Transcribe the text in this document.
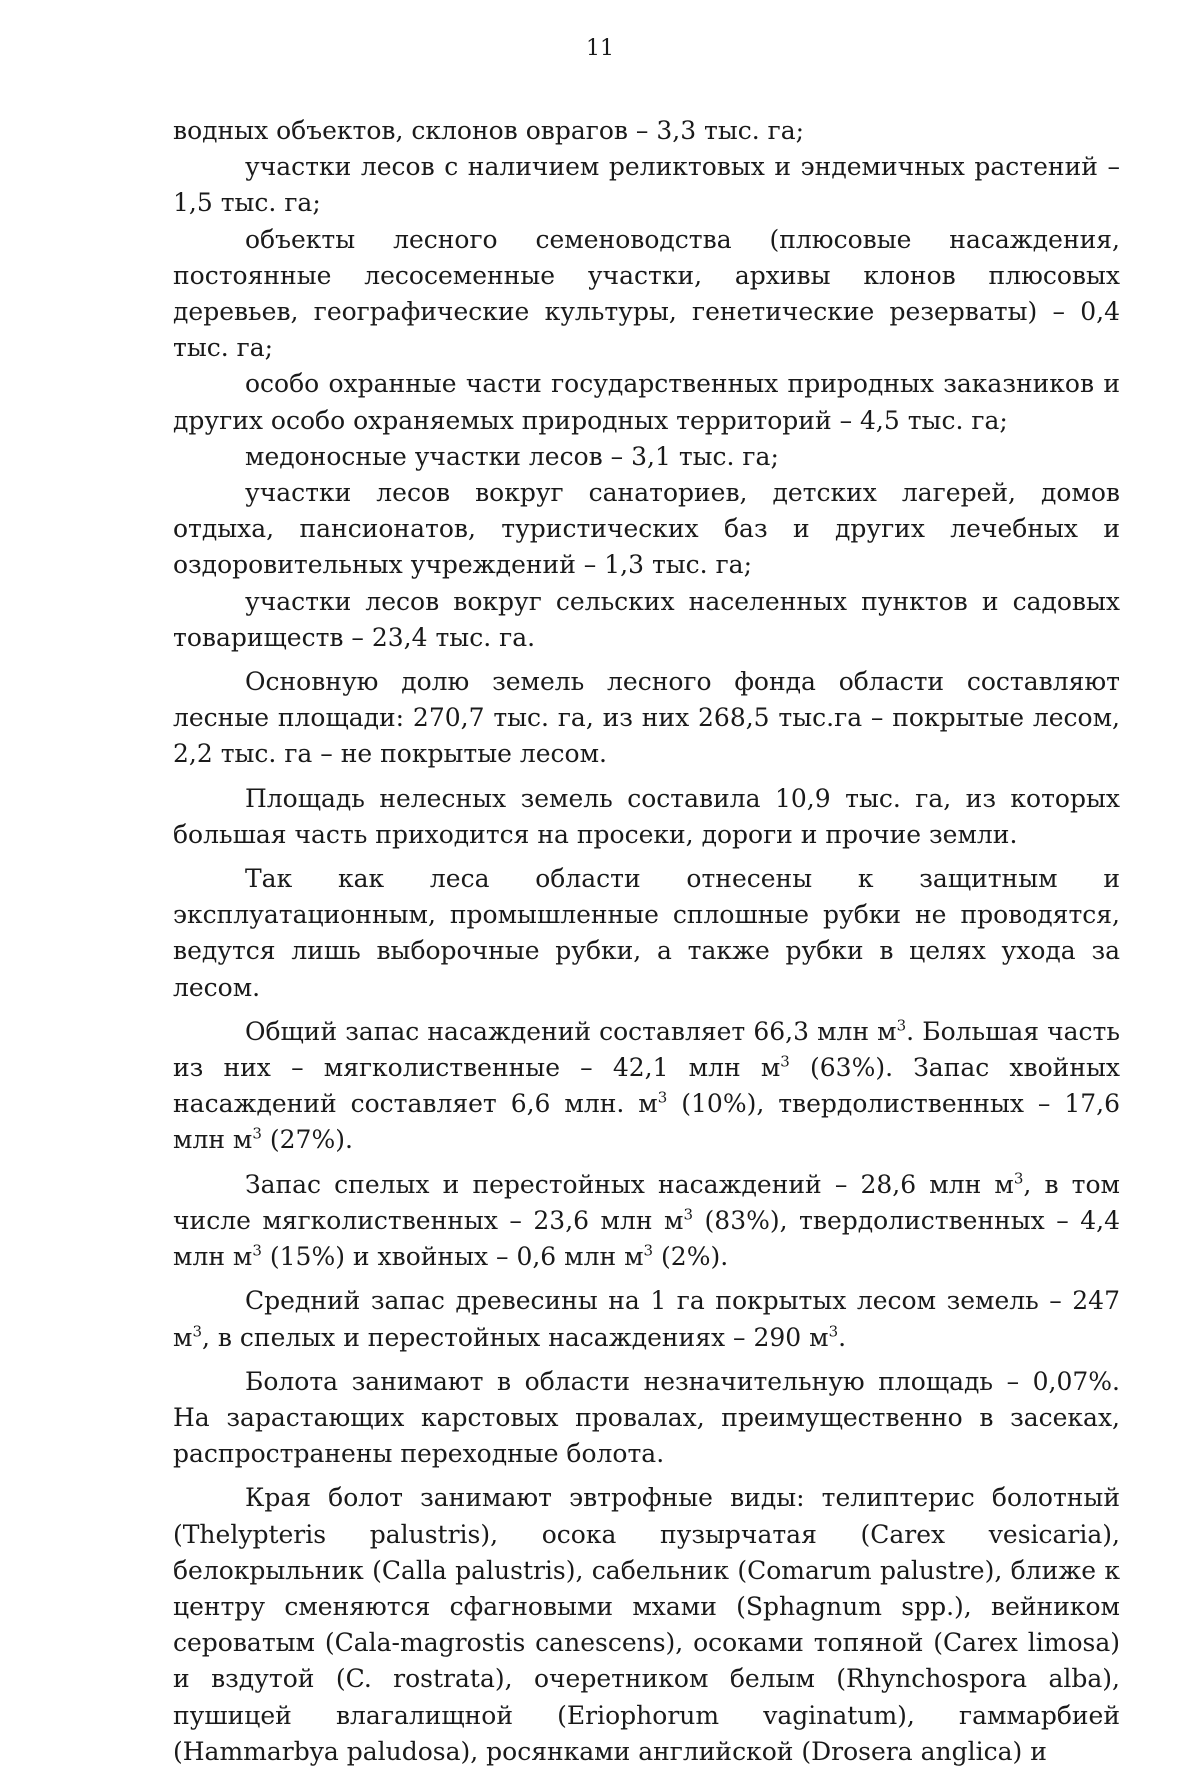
11

водных объектов, склонов оврагов – 3,3 тыс. га;

участки лесов с наличием реликтовых и эндемичных растений – 1,5 тыс. га;

объекты лесного семеноводства (плюсовые насаждения, постоянные лесосеменные участки, архивы клонов плюсовых деревьев, географические культуры, генетические резерваты) – 0,4 тыс. га;

особо охранные части государственных природных заказников и других особо охраняемых природных территорий – 4,5 тыс. га;

медоносные участки лесов – 3,1 тыс. га;

участки лесов вокруг санаториев, детских лагерей, домов отдыха, пансионатов, туристических баз и других лечебных и оздоровительных учреждений – 1,3 тыс. га;

участки лесов вокруг сельских населенных пунктов и садовых товариществ – 23,4 тыс. га.

Основную долю земель лесного фонда области составляют лесные площади: 270,7 тыс. га, из них 268,5 тыс.га – покрытые лесом, 2,2 тыс. га – не покрытые лесом.

Площадь нелесных земель составила 10,9 тыс. га, из которых большая часть приходится на просеки, дороги и прочие земли.

Так как леса области отнесены к защитным и эксплуатационным, промышленные сплошные рубки не проводятся, ведутся лишь выборочные рубки, а также рубки в целях ухода за лесом.

Общий запас насаждений составляет 66,3 млн $м^3$. Большая часть из них – мягколиственные – 42,1 млн $м^3$ (63%). Запас хвойных насаждений составляет 6,6 млн. $м^3$ (10%), твердолиственных – 17,6 млн $м^3$ (27%).

Запас спелых и перестойных насаждений – 28,6 млн $м^3$, в том числе мягколиственных – 23,6 млн $м^3$ (83%), твердолиственных – 4,4 млн $м^3$ (15%) и хвойных – 0,6 млн $м^3$ (2%).

Средний запас древесины на 1 га покрытых лесом земель – 247 $м^3$, в спелых и перестойных насаждениях – 290 $м^3$.

Болота занимают в области незначительную площадь – 0,07%. На зарастающих карстовых провалах, преимущественно в засеках, распространены переходные болота.

Края болот занимают эвтрофные виды: телиптерис болотный (Thelypteris palustris), осока пузырчатая (Carex vesicaria), белокрыльник (Calla palustris), сабельник (Comarum palustre), ближе к центру сменяются сфагновыми мхами (Sphagnum spp.), вейником сероватым (Cala-magrostis canescens), осоками топяной (Carex limosa) и вздутой (C. rostrata), очеретником белым (Rhynchospora alba), пушицей влагалищной (Eriophorum vaginatum), гаммарбией (Hammarbya paludosa), росянками английской (Drosera anglica) и
